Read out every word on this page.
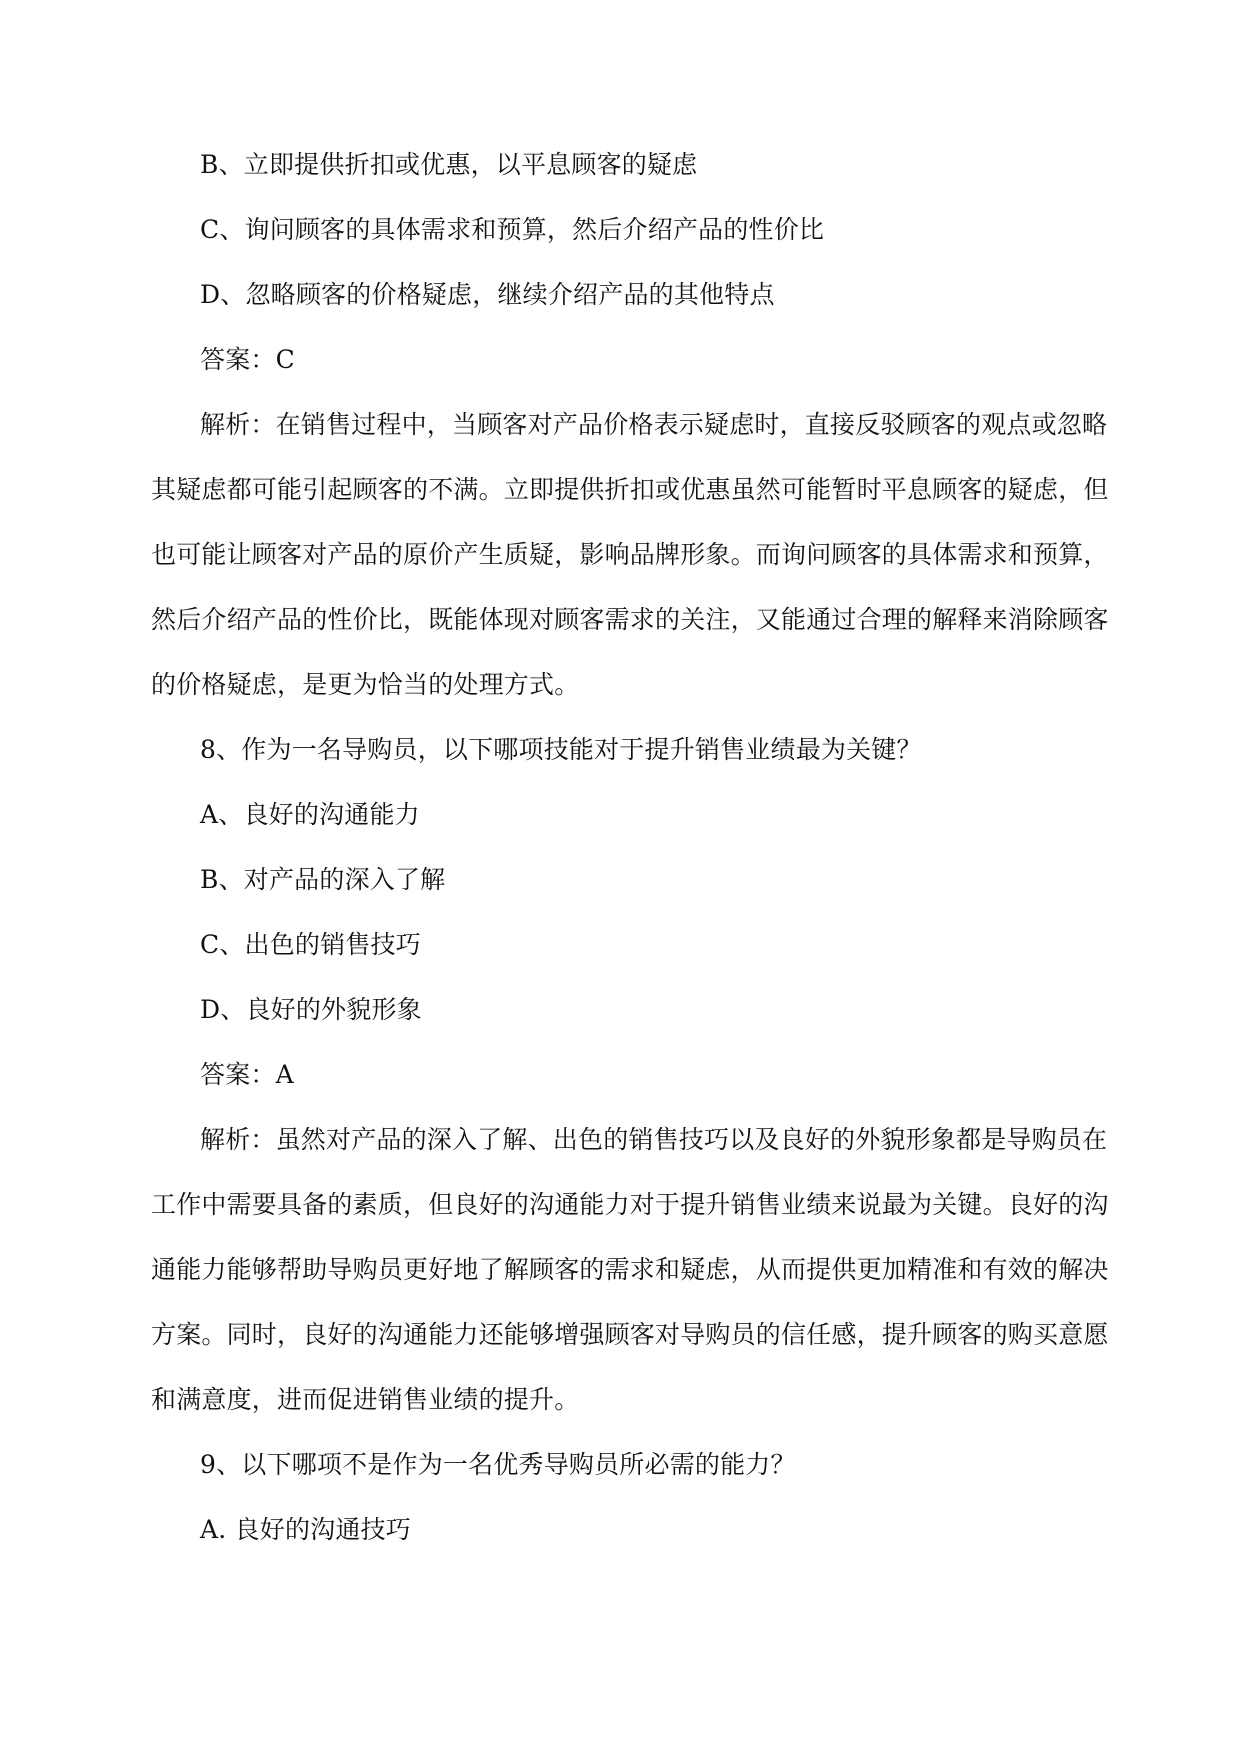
B、立即提供折扣或优惠，以平息顾客的疑虑
C、询问顾客的具体需求和预算，然后介绍产品的性价比
D、忽略顾客的价格疑虑，继续介绍产品的其他特点
答案：C
解析：在销售过程中，当顾客对产品价格表示疑虑时，直接反驳顾客的观点或忽略
其疑虑都可能引起顾客的不满。立即提供折扣或优惠虽然可能暂时平息顾客的疑虑，但
也可能让顾客对产品的原价产生质疑，影响品牌形象。而询问顾客的具体需求和预算，
然后介绍产品的性价比，既能体现对顾客需求的关注，又能通过合理的解释来消除顾客
的价格疑虑，是更为恰当的处理方式。
8、作为一名导购员，以下哪项技能对于提升销售业绩最为关键？
A、良好的沟通能力
B、对产品的深入了解
C、出色的销售技巧
D、良好的外貌形象
答案：A
解析：虽然对产品的深入了解、出色的销售技巧以及良好的外貌形象都是导购员在
工作中需要具备的素质，但良好的沟通能力对于提升销售业绩来说最为关键。良好的沟
通能力能够帮助导购员更好地了解顾客的需求和疑虑，从而提供更加精准和有效的解决
方案。同时，良好的沟通能力还能够增强顾客对导购员的信任感，提升顾客的购买意愿
和满意度，进而促进销售业绩的提升。
9、以下哪项不是作为一名优秀导购员所必需的能力？
A. 良好的沟通技巧
